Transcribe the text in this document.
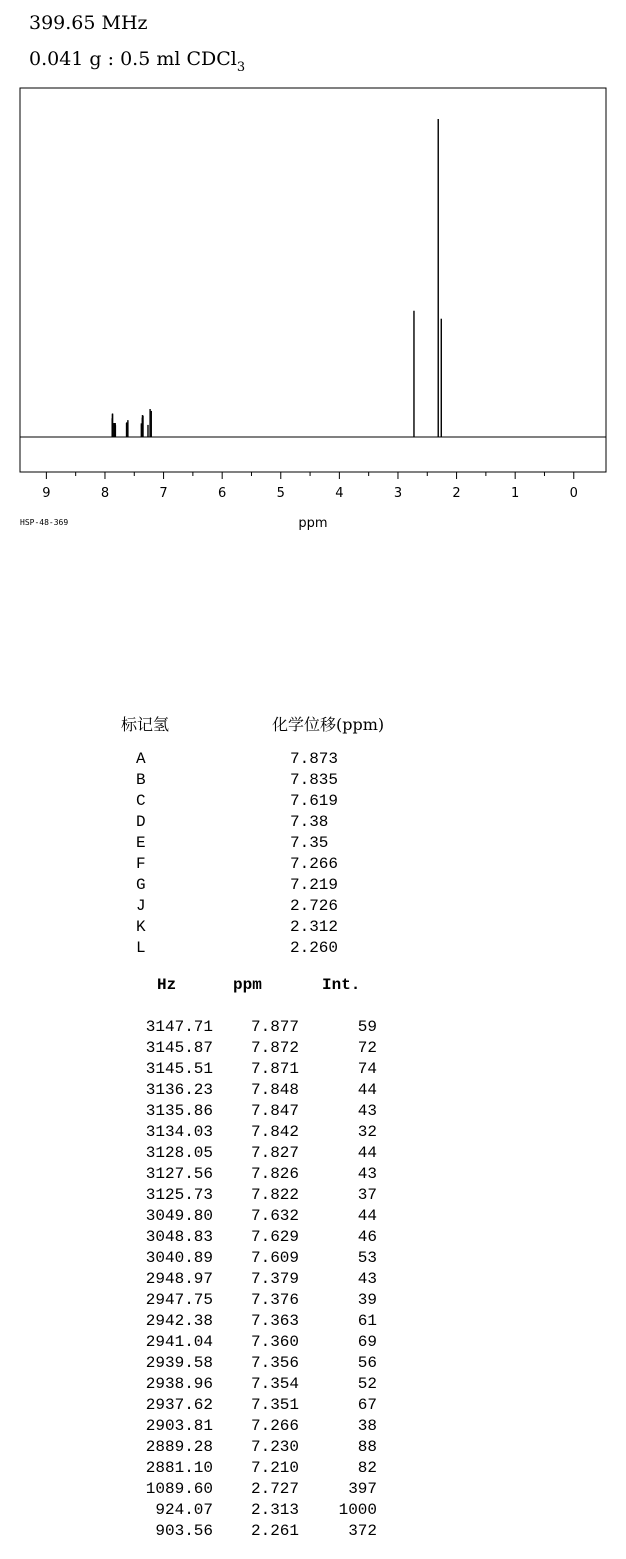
399.65 MHz
0.041 g : 0.5 ml CDCl$_3$
9	8	7	6	5	4	3	2	1	0
ppm
HSP-48-369
标记氢	化学位移(ppm)
A	7.873
B	7.835
C	7.619
D	7.38
E	7.35
F	7.266
G	7.219
J	2.726
K	2.312
L	2.260
Hz	ppm	Int.
3147.71	7.877	59
3145.87	7.872	72
3145.51	7.871	74
3136.23	7.848	44
3135.86	7.847	43
3134.03	7.842	32
3128.05	7.827	44
3127.56	7.826	43
3125.73	7.822	37
3049.80	7.632	44
3048.83	7.629	46
3040.89	7.609	53
2948.97	7.379	43
2947.75	7.376	39
2942.38	7.363	61
2941.04	7.360	69
2939.58	7.356	56
2938.96	7.354	52
2937.62	7.351	67
2903.81	7.266	38
2889.28	7.230	88
2881.10	7.210	82
1089.60	2.727	397
924.07	2.313	1000
903.56	2.261	372
